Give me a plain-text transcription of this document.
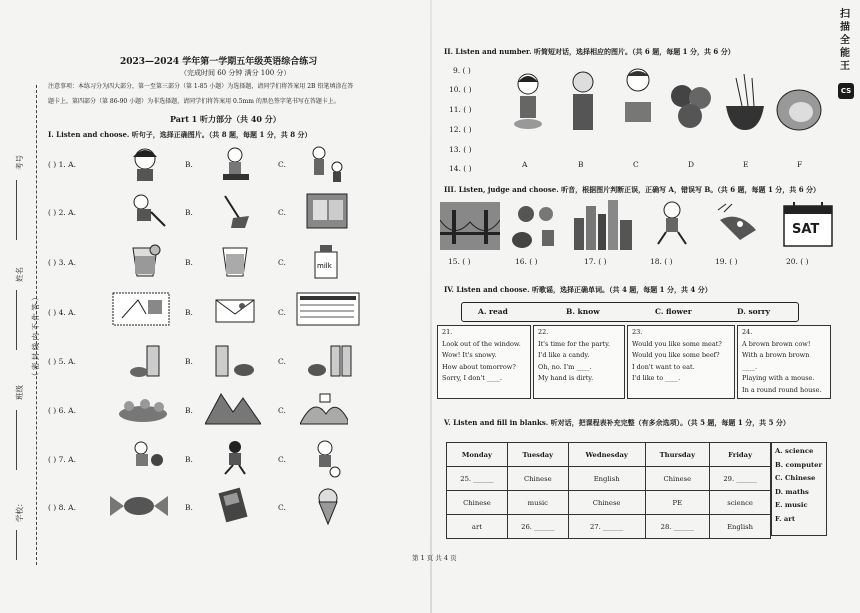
考号
姓名
（ 密 封 线 内 不 作 答 ）
班级
学校：
2023—2024 学年第一学期五年级英语综合练习
（完成时间 60 分钟 满分 100 分）
注意事项：本练习分为四大部分，第一至第三部分（第 1-85 小题）为选择题，请同学们将答案用 2B 铅笔填涂在答
题卡上，第四部分（第 86-90 小题）为非选择题，请同学们将答案用 0.5mm 的黑色签字笔书写在答题卡上。
Part 1 听力部分（共 40 分）
I. Listen and choose. 听句子，选择正确图片。（共 8 题，每题 1 分，共 8 分）
( ) 1. A.	B.	C.
( ) 2. A.	B.	C.
( ) 3. A.	B.	C.
( ) 4. A.	B.	C.
( ) 5. A.	B.	C.
( ) 6. A.	B.	C.
( ) 7. A.	B.	C.
( ) 8. A.	B.	C.
milk
II. Listen and number. 听简短对话，选择相应的图片。（共 6 题，每题 1 分，共 6 分）
9. ( )
10. ( )
11. ( )
12. ( )
13. ( )
14. ( )	A	B	C	D	E	F
III. Listen, judge and choose. 听音，根据图片判断正误，正确写 A，错误写 B。（共 6 题，每题 1 分，共 6 分）
SAT
15. ( )	16. ( )	17. ( )	18. ( )	19. ( )	20. ( )
IV. Listen and choose. 听歌谣，选择正确单词。（共 4 题，每题 1 分，共 4 分）
A. read	B. know	C. flower	D. sorry
21.
Look out of the window.
Wow! It's snowy.
How about tomorrow?
Sorry, I don't ____.
22.
It's time for the party.
I'd like a candy.
Oh, no. I'm ____.
My hand is dirty.
23.
Would you like some meat?
Would you like some beef?
I don't want to eat.
I'd like to ____.
24.
A brown brown cow!
With a brown brown ____.
Playing with a mouse.
In a round round house.
V. Listen and fill in blanks. 听对话，把课程表补充完整（有多余选项）。（共 5 题，每题 1 分，共 5 分）
Monday	Tuesday	Wednesday	Thursday	Friday
25. ______	Chinese	English	Chinese	29. ______
Chinese	music	Chinese	PE	science
art	26. ______	27. ______	28. ______	English
A. science
B. computer
C. Chinese
D. maths
E. music
F. art
第 1 页 共 4 页
CS
扫描全能王
